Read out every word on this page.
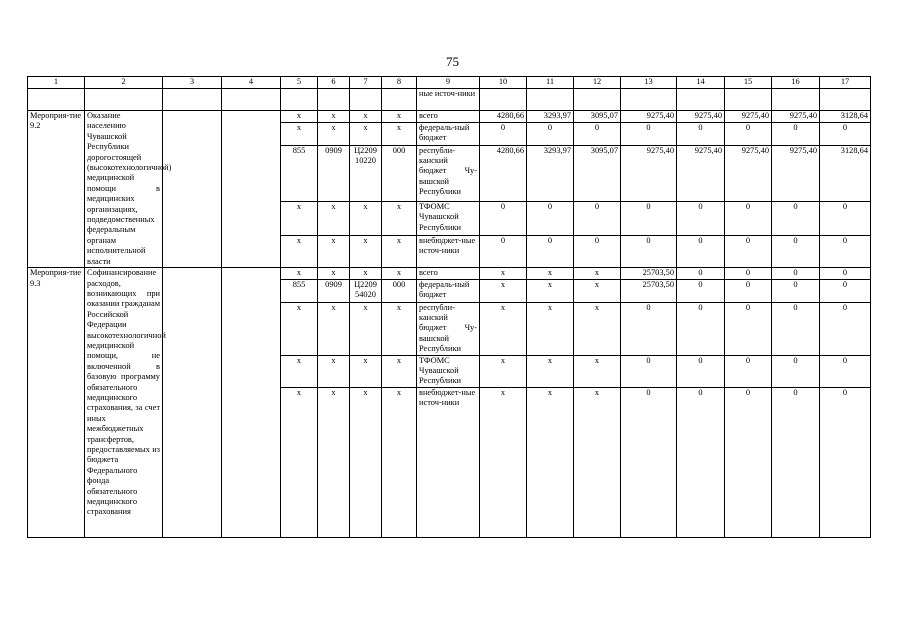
75
1	2	3	4	5	6	7	8	9	10	11	12	13	14	15	16	17
								ные источ-ники								
Мероприя-тие 9.2	Оказание населению Чувашской Республики дорогостоящей (высокотехнологичной) медицинской помощи в медицинских организациях, подведомственных федеральным органам исполнительной власти			х	х	х	х	всего	4280,66	3293,97	3095,07	9275,40	9275,40	9275,40	9275,40	3128,64
				х	х	х	х	федераль-ный бюджет	0	0	0	0	0	0	0	0
				855	0909	Ц2209 10220	000	республи-канский бюджет Чу-вашской Республики	4280,66	3293,97	3095,07	9275,40	9275,40	9275,40	9275,40	3128,64
				х	х	х	х	ТФОМС Чувашской Республики	0	0	0	0	0	0	0	0
				х	х	х	х	внебюджет-ные источ-ники	0	0	0	0	0	0	0	0
Мероприя-тие 9.3	Софинансирование расходов, возникающих при оказании гражданам Российской Федерации высокотехнологичной медицинской помощи, не включенной в базовую программу обязательного медицинского страхования, за счет иных межбюджетных трансфертов, предоставляемых из бюджета Федерального фонда обязательного медицинского страхования			х	х	х	х	всего	х	х	х	25703,50	0	0	0	0
				855	0909	Ц2209 54020	000	федераль-ный бюджет	х	х	х	25703,50	0	0	0	0
				х	х	х	х	республи-канский бюджет Чу-вашской Республики	х	х	х	0	0	0	0	0
				х	х	х	х	ТФОМС Чувашской Республики	х	х	х	0	0	0	0	0
				х	х	х	х	внебюджет-ные источ-ники	х	х	х	0	0	0	0	0
